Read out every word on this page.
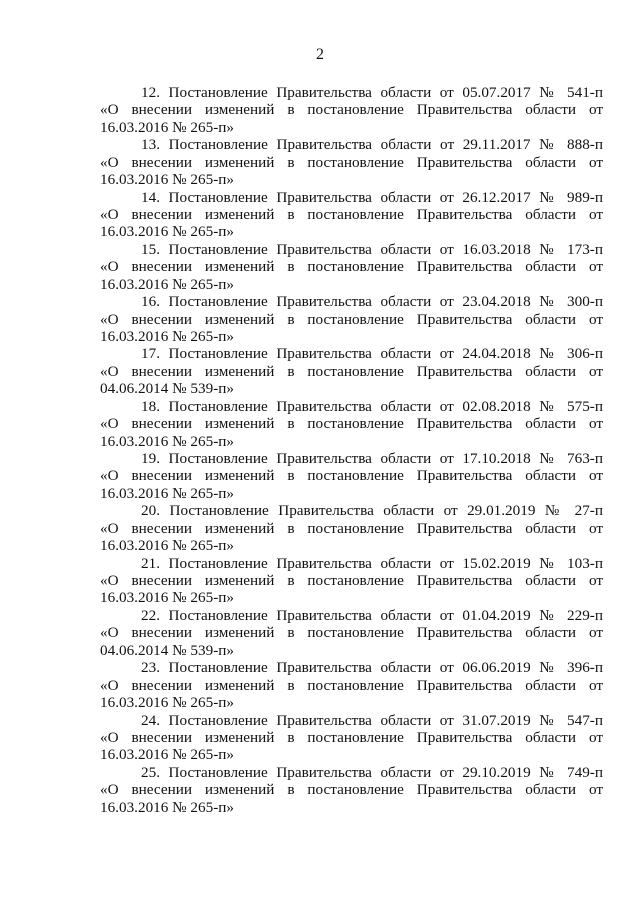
2
12. Постановление Правительства области от 05.07.2017 № 541-п
«О внесении изменений в постановление Правительства области от
16.03.2016 № 265-п»
13. Постановление Правительства области от 29.11.2017 № 888-п
«О внесении изменений в постановление Правительства области от
16.03.2016 № 265-п»
14. Постановление Правительства области от 26.12.2017 № 989-п
«О внесении изменений в постановление Правительства области от
16.03.2016 № 265-п»
15. Постановление Правительства области от 16.03.2018 № 173-п
«О внесении изменений в постановление Правительства области от
16.03.2016 № 265-п»
16. Постановление Правительства области от 23.04.2018 № 300-п
«О внесении изменений в постановление Правительства области от
16.03.2016 № 265-п»
17. Постановление Правительства области от 24.04.2018 № 306-п
«О внесении изменений в постановление Правительства области от
04.06.2014 № 539-п»
18. Постановление Правительства области от 02.08.2018 № 575-п
«О внесении изменений в постановление Правительства области от
16.03.2016 № 265-п»
19. Постановление Правительства области от 17.10.2018 № 763-п
«О внесении изменений в постановление Правительства области от
16.03.2016 № 265-п»
20. Постановление Правительства области от 29.01.2019 № 27-п
«О внесении изменений в постановление Правительства области от
16.03.2016 № 265-п»
21. Постановление Правительства области от 15.02.2019 № 103-п
«О внесении изменений в постановление Правительства области от
16.03.2016 № 265-п»
22. Постановление Правительства области от 01.04.2019 № 229-п
«О внесении изменений в постановление Правительства области от
04.06.2014 № 539-п»
23. Постановление Правительства области от 06.06.2019 № 396-п
«О внесении изменений в постановление Правительства области от
16.03.2016 № 265-п»
24. Постановление Правительства области от 31.07.2019 № 547-п
«О внесении изменений в постановление Правительства области от
16.03.2016 № 265-п»
25. Постановление Правительства области от 29.10.2019 № 749-п
«О внесении изменений в постановление Правительства области от
16.03.2016 № 265-п»
